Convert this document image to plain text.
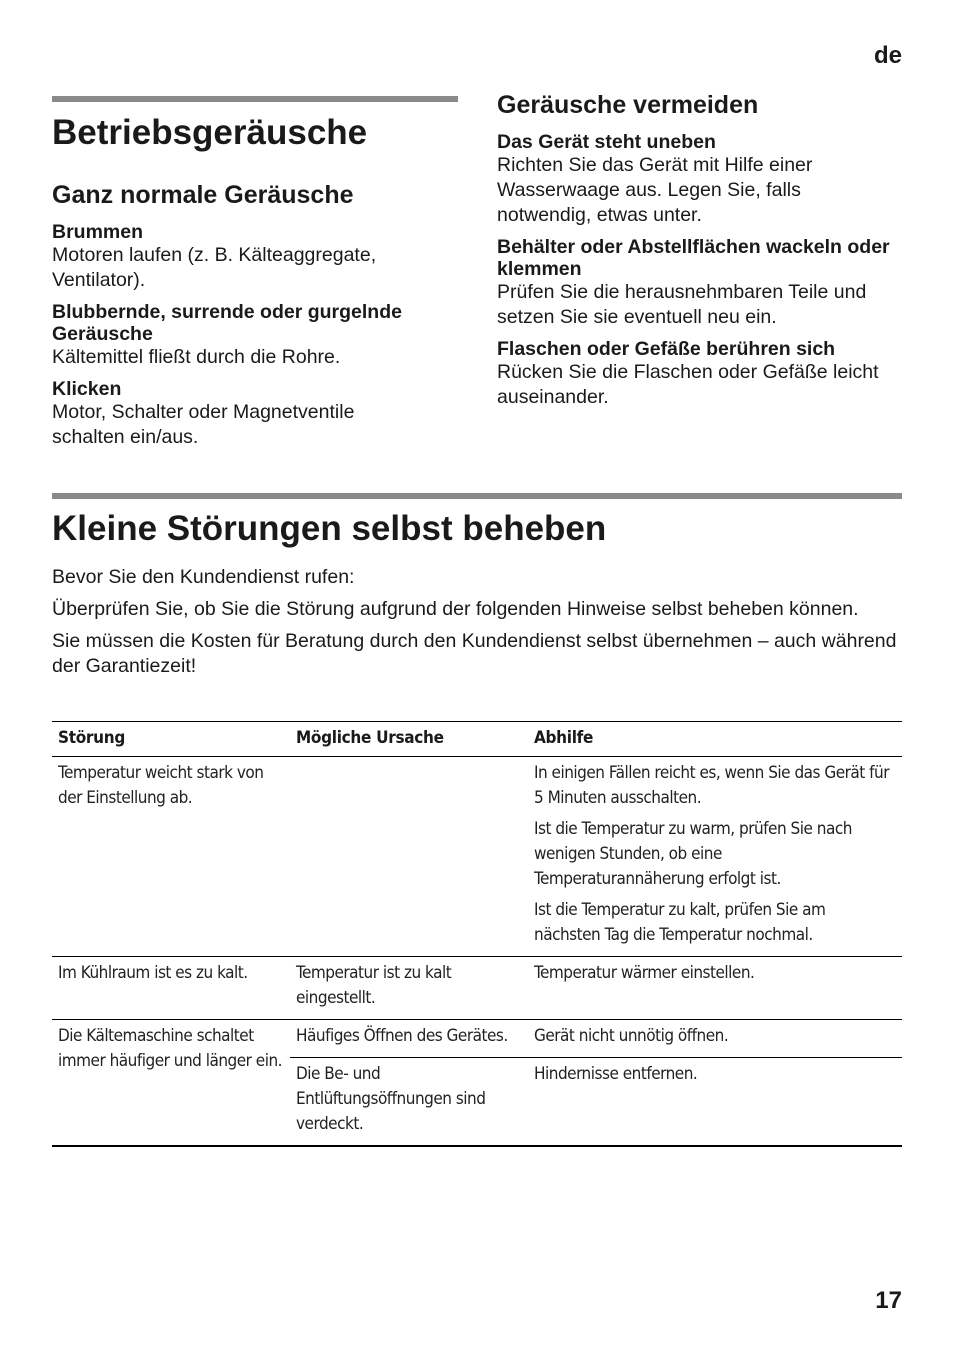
de
Betriebsgeräusche
Ganz normale Geräusche
Brummen
Motoren laufen (z. B. Kälteaggregate, Ventilator).
Blubbernde, surrende oder gurgelnde Geräusche
Kältemittel fließt durch die Rohre.
Klicken
Motor, Schalter oder Magnetventile schalten ein/aus.
Geräusche vermeiden
Das Gerät steht uneben
Richten Sie das Gerät mit Hilfe einer Wasserwaage aus. Legen Sie, falls notwendig, etwas unter.
Behälter oder Abstellflächen wackeln oder klemmen
Prüfen Sie die herausnehmbaren Teile und setzen Sie sie eventuell neu ein.
Flaschen oder Gefäße berühren sich
Rücken Sie die Flaschen oder Gefäße leicht auseinander.
Kleine Störungen selbst beheben

Bevor Sie den Kundendienst rufen:

Überprüfen Sie, ob Sie die Störung aufgrund der folgenden Hinweise selbst beheben können.

Sie müssen die Kosten für Beratung durch den Kundendienst selbst übernehmen – auch während der Garantiezeit!

Störung	Mögliche Ursache	Abhilfe
Temperatur weicht stark von der Einstellung ab.		In einigen Fällen reicht es, wenn Sie das Gerät für 5 Minuten ausschalten.

Ist die Temperatur zu warm, prüfen Sie nach wenigen Stunden, ob eine Temperaturannäherung erfolgt ist.

Ist die Temperatur zu kalt, prüfen Sie am nächsten Tag die Temperatur nochmal.

Im Kühlraum ist es zu kalt.	Temperatur ist zu kalt eingestellt.	Temperatur wärmer einstellen.
Die Kältemaschine schaltet immer häufiger und länger ein.	Häufiges Öffnen des Gerätes.	Gerät nicht unnötig öffnen.
	Die Be- und Entlüftungsöffnungen sind verdeckt.	Hindernisse entfernen.
17
